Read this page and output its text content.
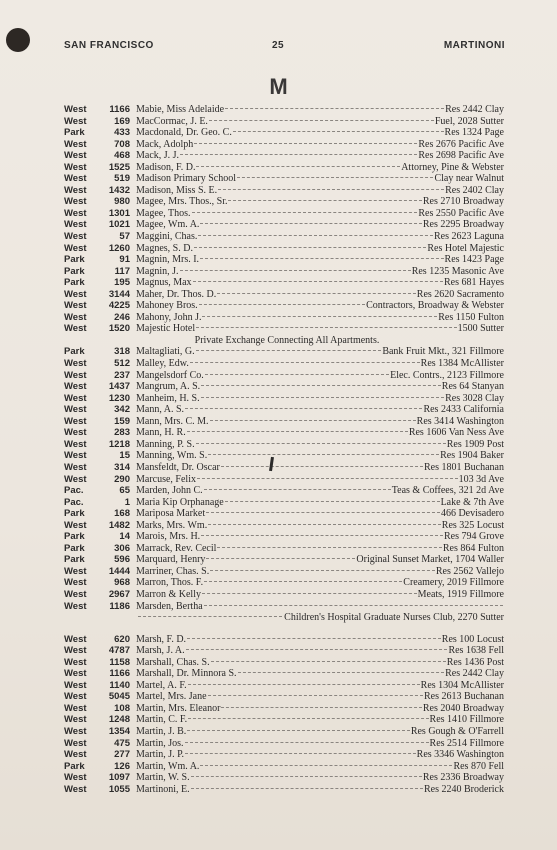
SAN FRANCISCO	25	MARTINONI
M
West	1166 Mabie, Miss Adelaide	Res 2442 Clay
West	169 MacCormac, J. E.	Fuel, 2028 Sutter
Park	433 Macdonald, Dr. Geo. C.	Res 1324 Page
West	708 Mack, Adolph	Res 2676 Pacific Ave
West	468 Mack, J. J.	Res 2698 Pacific Ave
West	1525 Madison, F. D.	Attorney, Pine & Webster
West	519 Madison Primary School	Clay near Walnut
West	1432 Madison, Miss S. E.	Res 2402 Clay
West	980 Magee, Mrs. Thos., Sr.	Res 2710 Broadway
West	1301 Magee, Thos.	Res 2550 Pacific Ave
West	1021 Magee, Wm. A.	Res 2295 Broadway
West	57 Maggini, Chas.	Res 2623 Laguna
West	1260 Magnes, S. D.	Res Hotel Majestic
Park	91 Magnin, Mrs. I.	Res 1423 Page
Park	117 Magnin, J.	Res 1235 Masonic Ave
Park	195 Magnus, Max	Res 681 Hayes
West	3144 Maher, Dr. Thos. D.	Res 2620 Sacramento
West	4225 Mahoney Bros.	Contractors, Broadway & Webster
West	246 Mahony, John J.	Res 1150 Fulton
West	1520 Majestic Hotel	1500 Sutter
Private Exchange Connecting All Apartments.
Park	318 Maltagliati, G.	Bank Fruit Mkt., 321 Fillmore
West	512 Malley, Edw.	Res 1384 McAllister
West	237 Mangelsdorf Co.	Elec. Contrs., 2123 Fillmore
West	1437 Mangrum, A. S.	Res 64 Stanyan
West	1230 Manheim, H. S.	Res 3028 Clay
West	342 Mann, A. S.	Res 2433 California
West	159 Mann, Mrs. C. M.	Res 3414 Washington
West	283 Mann, H. R.	Res 1606 Van Ness Ave
West	1218 Manning, P. S.	Res 1909 Post
West	15 Manning, Wm. S.	Res 1904 Baker
West	314 Mansfeldt, Dr. Oscar	Res 1801 Buchanan
West	290 Marcuse, Felix	103 3d Ave
Pac.	65 Marden, John C.	Teas & Coffees, 321 2d Ave
Pac.	1 Maria Kip Orphanage	Lake & 7th Ave
Park	168 Mariposa Market	466 Devisadero
West	1482 Marks, Mrs. Wm.	Res 325 Locust
Park	14 Marois, Mrs. H.	Res 794 Grove
Park	306 Marrack, Rev. Cecil	Res 864 Fulton
Park	596 Marquard, Henry	Original Sunset Market, 1704 Waller
West	1444 Marriner, Chas. S.	Res 2562 Vallejo
West	968 Marron, Thos. F.	Creamery, 2019 Fillmore
West	2967 Marron & Kelly	Meats, 1919 Fillmore
West	1186 Marsden, Bertha
Children's Hospital Graduate Nurses Club, 2270 Sutter
West	620 Marsh, F. D.	Res 100 Locust
West	4787 Marsh, J. A.	Res 1638 Fell
West	1158 Marshall, Chas. S.	Res 1436 Post
West	1166 Marshall, Dr. Minnora S.	Res 2442 Clay
West	1140 Martel, A. F.	Res 1304 McAllister
West	5045 Martel, Mrs. Jane	Res 2613 Buchanan
West	108 Martin, Mrs. Eleanor	Res 2040 Broadway
West	1248 Martin, C. F.	Res 1410 Fillmore
West	1354 Martin, J. B.	Res Gough & O'Farrell
West	475 Martin, Jos.	Res 2514 Fillmore
West	277 Martin, J. P.	Res 3346 Washington
Park	126 Martin, Wm. A.	Res 870 Fell
West	1097 Martin, W. S.	Res 2336 Broadway
West	1055 Martinoni, E.	Res 2240 Broderick
